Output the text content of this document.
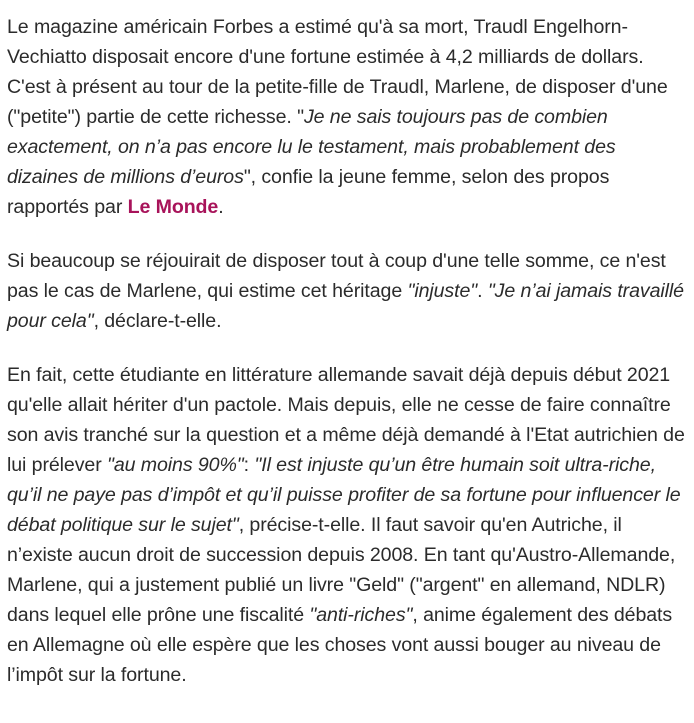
Le magazine américain Forbes a estimé qu'à sa mort, Traudl Engelhorn-Vechiatto disposait encore d'une fortune estimée à 4,2 milliards de dollars. C'est à présent au tour de la petite-fille de Traudl, Marlene, de disposer d'une ("petite") partie de cette richesse. "Je ne sais toujours pas de combien exactement, on n’a pas encore lu le testament, mais probablement des dizaines de millions d’euros", confie la jeune femme, selon des propos rapportés par Le Monde.

Si beaucoup se réjouirait de disposer tout à coup d'une telle somme, ce n'est pas le cas de Marlene, qui estime cet héritage "injuste". "Je n’ai jamais travaillé pour cela", déclare-t-elle.

En fait, cette étudiante en littérature allemande savait déjà depuis début 2021 qu'elle allait hériter d'un pactole. Mais depuis, elle ne cesse de faire connaître son avis tranché sur la question et a même déjà demandé à l'Etat autrichien de lui prélever "au moins 90%": "Il est injuste qu’un être humain soit ultra-riche, qu’il ne paye pas d’impôt et qu’il puisse profiter de sa fortune pour influencer le débat politique sur le sujet", précise-t-elle. Il faut savoir qu'en Autriche, il n’existe aucun droit de succession depuis 2008. En tant qu'Austro-Allemande, Marlene, qui a justement publié un livre "Geld" ("argent" en allemand, NDLR) dans lequel elle prône une fiscalité "anti-riches", anime également des débats en Allemagne où elle espère que les choses vont aussi bouger au niveau de l’impôt sur la fortune.
